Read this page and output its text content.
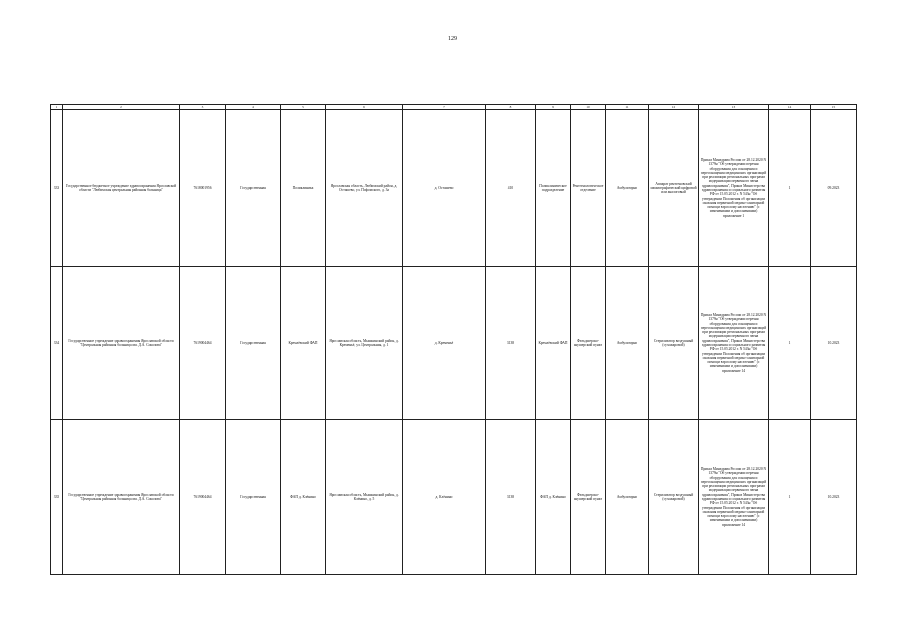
129
1	2	3	4	5	6	7	8	9	10	11	12	13	14	15
333	Государственное бюджетное учреждение здравоохранения Ярославской области "Любимская центральная районная больница"	7618001956	Государственная	Поликлиника	Ярославская область, Любимский район, д. Осташево, ул. Пофомского, д. 3а	д. Осташево	410	Поликлиническое подразделение	Рентгенологическое отделение	Амбулаторно	Аппарат рентгеновский маммографический цифровой или аналоговый	Приказ Минздрава России от 28.12.2020 N 1379н "Об утверждении перечня оборудования для оснащения и переоснащения медицинских организаций при реализации региональных программ модернизации первичного звена здравоохранения", Приказ Министерства здравоохранения и социального развития РФ от 15.05.2012 г. N 543н "Об утверждении Положения об организации оказания первичной медико-санитарной помощи взрослому населению" (с изменениями и дополнениями) приложение 1	1	09.2023
334	Государственное учреждение здравоохранения Ярославской области "Центральная районная больница им. Д.А. Соколова"	7619004464	Государственная	Кремлёвский ФАП	Ярославская область, Мышкинский район, д. Кременьё, ул. Центральная, д. 1	д. Кременьё	3138	Кремлёвский ФАП	Фельдшерско-акушерский пункт	Амбулаторно	Стерилизатор воздушный (сухожаровой)	Приказ Минздрава России от 28.12.2020 N 1379н "Об утверждении перечня оборудования для оснащения и переоснащения медицинских организаций при реализации региональных программ модернизации первичного звена здравоохранения", Приказ Министерства здравоохранения и социального развития РФ от 15.05.2012 г. N 543н "Об утверждении Положения об организации оказания первичной медико-санитарной помощи взрослому населению" (с изменениями и дополнениями) приложение 14	1	10.2023
335	Государственное учреждение здравоохранения Ярославской области "Центральная районная больница им. Д.А. Соколова"	7619004464	Государственная	ФАП д. Клёнино	Ярославская область, Мышкинский район, д. Клёнино, д. 5	д. Клёнино	3138	ФАП д. Клёнино	Фельдшерско-акушерский пункт	Амбулаторно	Стерилизатор воздушный (сухожаровой)	Приказ Минздрава России от 28.12.2020 N 1379н "Об утверждении перечня оборудования для оснащения и переоснащения медицинских организаций при реализации региональных программ модернизации первичного звена здравоохранения", Приказ Министерства здравоохранения и социального развития РФ от 15.05.2012 г. N 543н "Об утверждении Положения об организации оказания первичной медико-санитарной помощи взрослому населению" (с изменениями и дополнениями) приложение 14	1	10.2023
